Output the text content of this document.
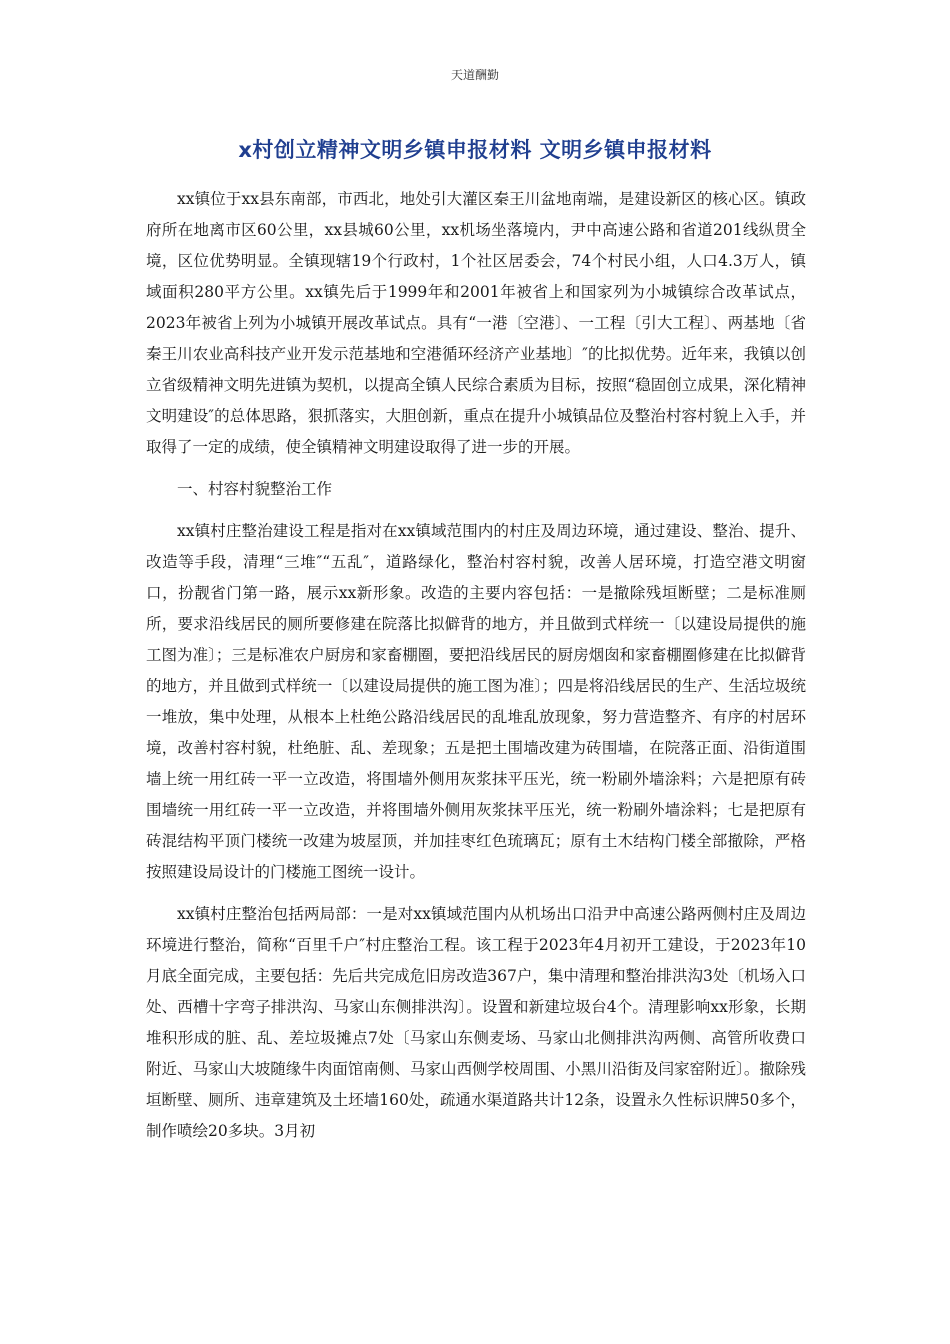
天道酬勤
x村创立精神文明乡镇申报材料 文明乡镇申报材料

xx镇位于xx县东南部，市西北，地处引大灌区秦王川盆地南端，是建设新区的核心区。镇政府所在地离市区60公里，xx县城60公里，xx机场坐落境内，尹中高速公路和省道201线纵贯全境，区位优势明显。全镇现辖19个行政村，1个社区居委会，74个村民小组，人口4.3万人，镇域面积280平方公里。xx镇先后于1999年和2001年被省上和国家列为小城镇综合改革试点，2023年被省上列为小城镇开展改革试点。具有“一港〔空港〕、一工程〔引大工程〕、两基地〔省秦王川农业高科技产业开发示范基地和空港循环经济产业基地〕″的比拟优势。近年来，我镇以创立省级精神文明先进镇为契机，以提高全镇人民综合素质为目标，按照“稳固创立成果，深化精神文明建设″的总体思路，狠抓落实，大胆创新，重点在提升小城镇品位及整治村容村貌上入手，并取得了一定的成绩，使全镇精神文明建设取得了进一步的开展。

一、村容村貌整治工作

xx镇村庄整治建设工程是指对在xx镇域范围内的村庄及周边环境，通过建设、整治、提升、改造等手段，清理“三堆″“五乱″，道路绿化，整治村容村貌，改善人居环境，打造空港文明窗口，扮靓省门第一路，展示xx新形象。改造的主要内容包括：一是撤除残垣断壁；二是标准厕所，要求沿线居民的厕所要修建在院落比拟僻背的地方，并且做到式样统一〔以建设局提供的施工图为准〕；三是标准农户厨房和家畜棚圈，要把沿线居民的厨房烟囱和家畜棚圈修建在比拟僻背的地方，并且做到式样统一〔以建设局提供的施工图为准〕；四是将沿线居民的生产、生活垃圾统一堆放，集中处理，从根本上杜绝公路沿线居民的乱堆乱放现象，努力营造整齐、有序的村居环境，改善村容村貌，杜绝脏、乱、差现象；五是把土围墙改建为砖围墙，在院落正面、沿街道围墙上统一用红砖一平一立改造，将围墙外侧用灰浆抹平压光，统一粉刷外墙涂料；六是把原有砖围墙统一用红砖一平一立改造，并将围墙外侧用灰浆抹平压光，统一粉刷外墙涂料；七是把原有砖混结构平顶门楼统一改建为坡屋顶，并加挂枣红色琉璃瓦；原有土木结构门楼全部撤除，严格按照建设局设计的门楼施工图统一设计。

xx镇村庄整治包括两局部：一是对xx镇域范围内从机场出口沿尹中高速公路两侧村庄及周边环境进行整治，简称“百里千户″村庄整治工程。该工程于2023年4月初开工建设，于2023年10月底全面完成，主要包括：先后共完成危旧房改造367户，集中清理和整治排洪沟3处〔机场入口处、西槽十字弯子排洪沟、马家山东侧排洪沟〕。设置和新建垃圾台4个。清理影响xx形象，长期堆积形成的脏、乱、差垃圾摊点7处〔马家山东侧麦场、马家山北侧排洪沟两侧、高管所收费口附近、马家山大坡随缘牛肉面馆南侧、马家山西侧学校周围、小黑川沿街及闫家窑附近〕。撤除残垣断壁、厕所、违章建筑及土坯墙160处，疏通水渠道路共计12条，设置永久性标识牌50多个，制作喷绘20多块。3月初
